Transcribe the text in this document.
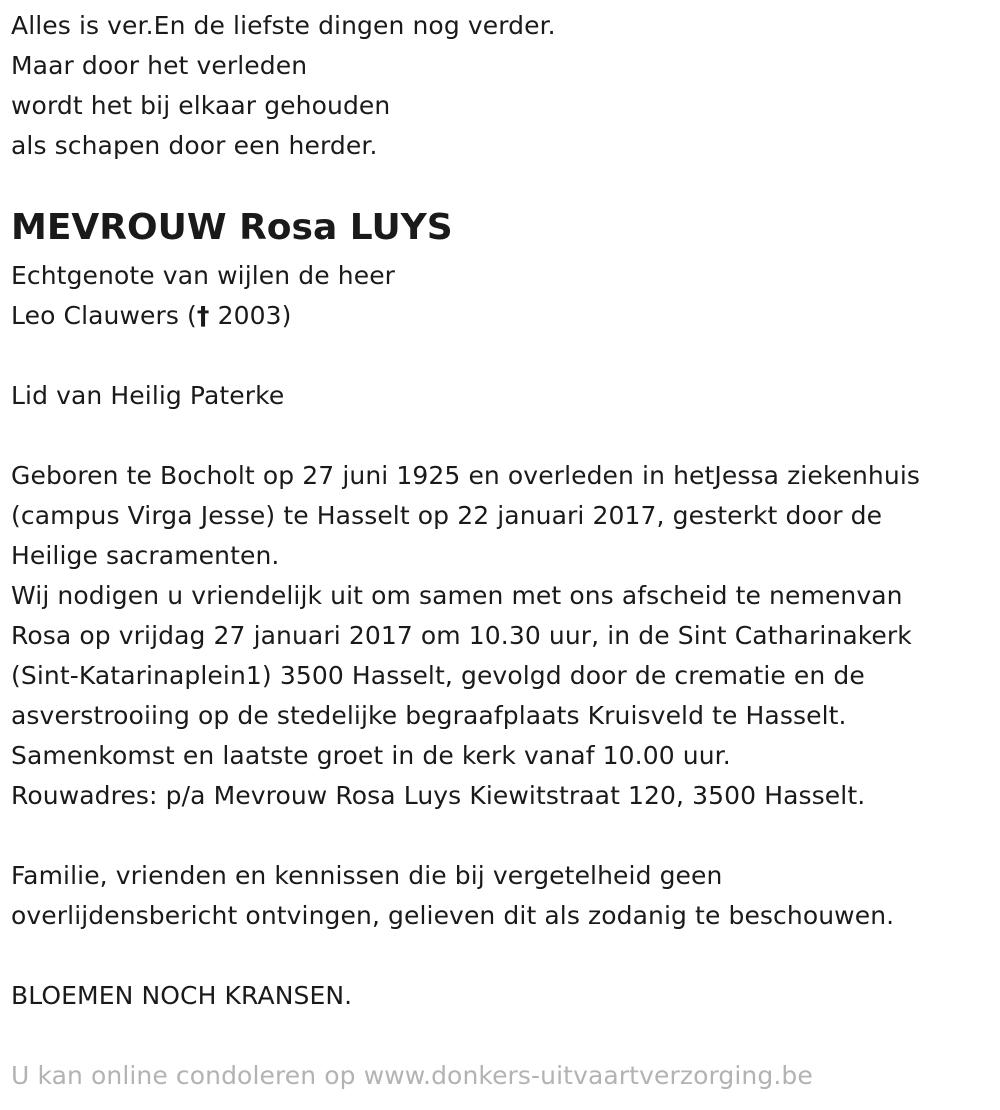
Alles is ver.En de liefste dingen nog verder.
Maar door het verleden
wordt het bij elkaar gehouden
als schapen door een herder.
MEVROUW Rosa LUYS
Echtgenote van wijlen de heer
Leo Clauwers († 2003)
Lid van Heilig Paterke
Geboren te Bocholt op 27 juni 1925 en overleden in hetJessa ziekenhuis
(campus Virga Jesse) te Hasselt op 22 januari 2017, gesterkt door de
Heilige sacramenten.
Wij nodigen u vriendelijk uit om samen met ons afscheid te nemenvan
Rosa op vrijdag 27 januari 2017 om 10.30 uur, in de Sint Catharinakerk
(Sint-Katarinaplein1) 3500 Hasselt, gevolgd door de crematie en de
asverstrooiing op de stedelijke begraafplaats Kruisveld te Hasselt.
Samenkomst en laatste groet in de kerk vanaf 10.00 uur.
Rouwadres: p/a Mevrouw Rosa Luys Kiewitstraat 120, 3500 Hasselt.
Familie, vrienden en kennissen die bij vergetelheid geen
overlijdensbericht ontvingen, gelieven dit als zodanig te beschouwen.
BLOEMEN NOCH KRANSEN.
U kan online condoleren op www.donkers-uitvaartverzorging.be
